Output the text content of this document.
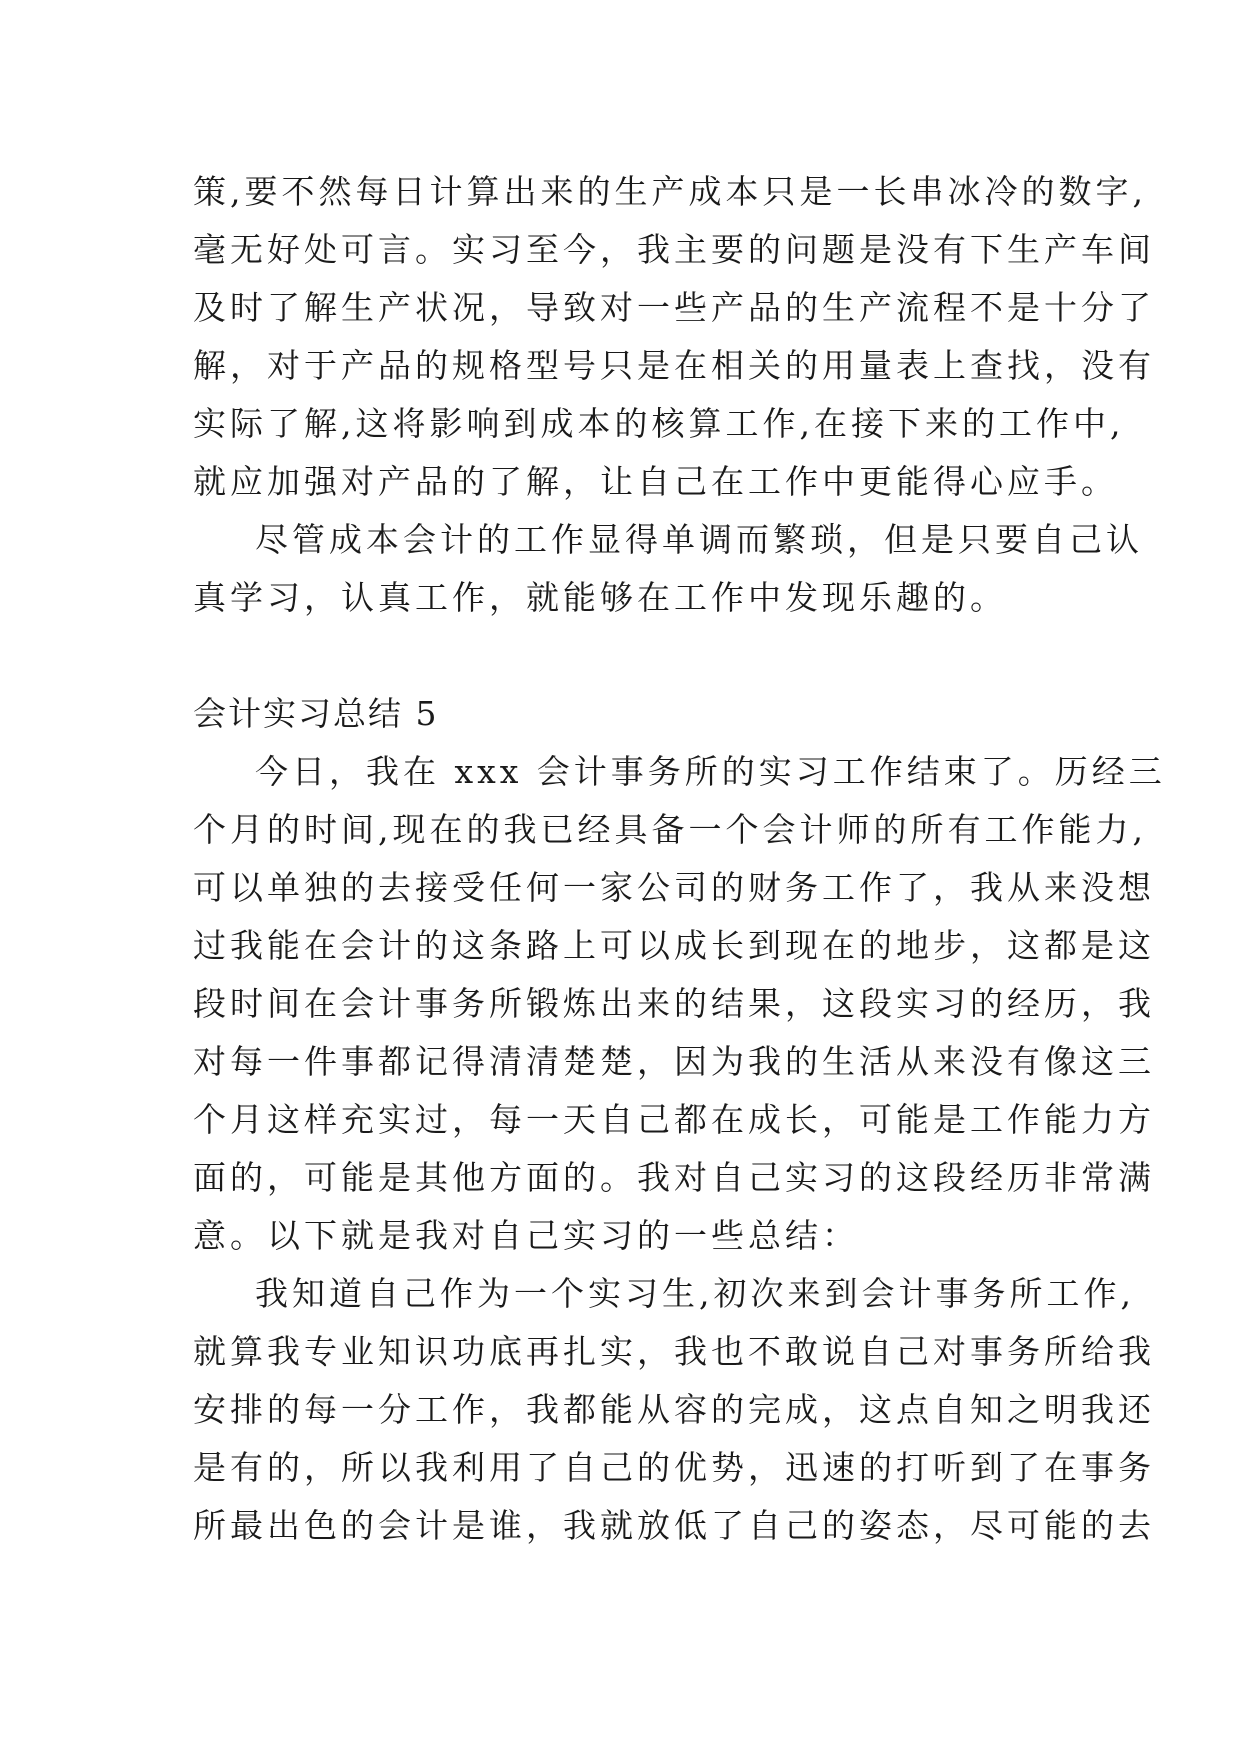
策,要不然每日计算出来的生产成本只是一长串冰冷的数字,
毫无好处可言。实习至今，我主要的问题是没有下生产车间
及时了解生产状况，导致对一些产品的生产流程不是十分了
解，对于产品的规格型号只是在相关的用量表上查找，没有
实际了解,这将影响到成本的核算工作,在接下来的工作中,
就应加强对产品的了解，让自己在工作中更能得心应手。
尽管成本会计的工作显得单调而繁琐，但是只要自己认
真学习，认真工作，就能够在工作中发现乐趣的。
会计实习总结 5
今日，我在 xxx 会计事务所的实习工作结束了。历经三
个月的时间,现在的我已经具备一个会计师的所有工作能力,
可以单独的去接受任何一家公司的财务工作了，我从来没想
过我能在会计的这条路上可以成长到现在的地步，这都是这
段时间在会计事务所锻炼出来的结果，这段实习的经历，我
对每一件事都记得清清楚楚，因为我的生活从来没有像这三
个月这样充实过，每一天自己都在成长，可能是工作能力方
面的，可能是其他方面的。我对自己实习的这段经历非常满
意。以下就是我对自己实习的一些总结：
我知道自己作为一个实习生,初次来到会计事务所工作,
就算我专业知识功底再扎实，我也不敢说自己对事务所给我
安排的每一分工作，我都能从容的完成，这点自知之明我还
是有的，所以我利用了自己的优势，迅速的打听到了在事务
所最出色的会计是谁，我就放低了自己的姿态，尽可能的去
